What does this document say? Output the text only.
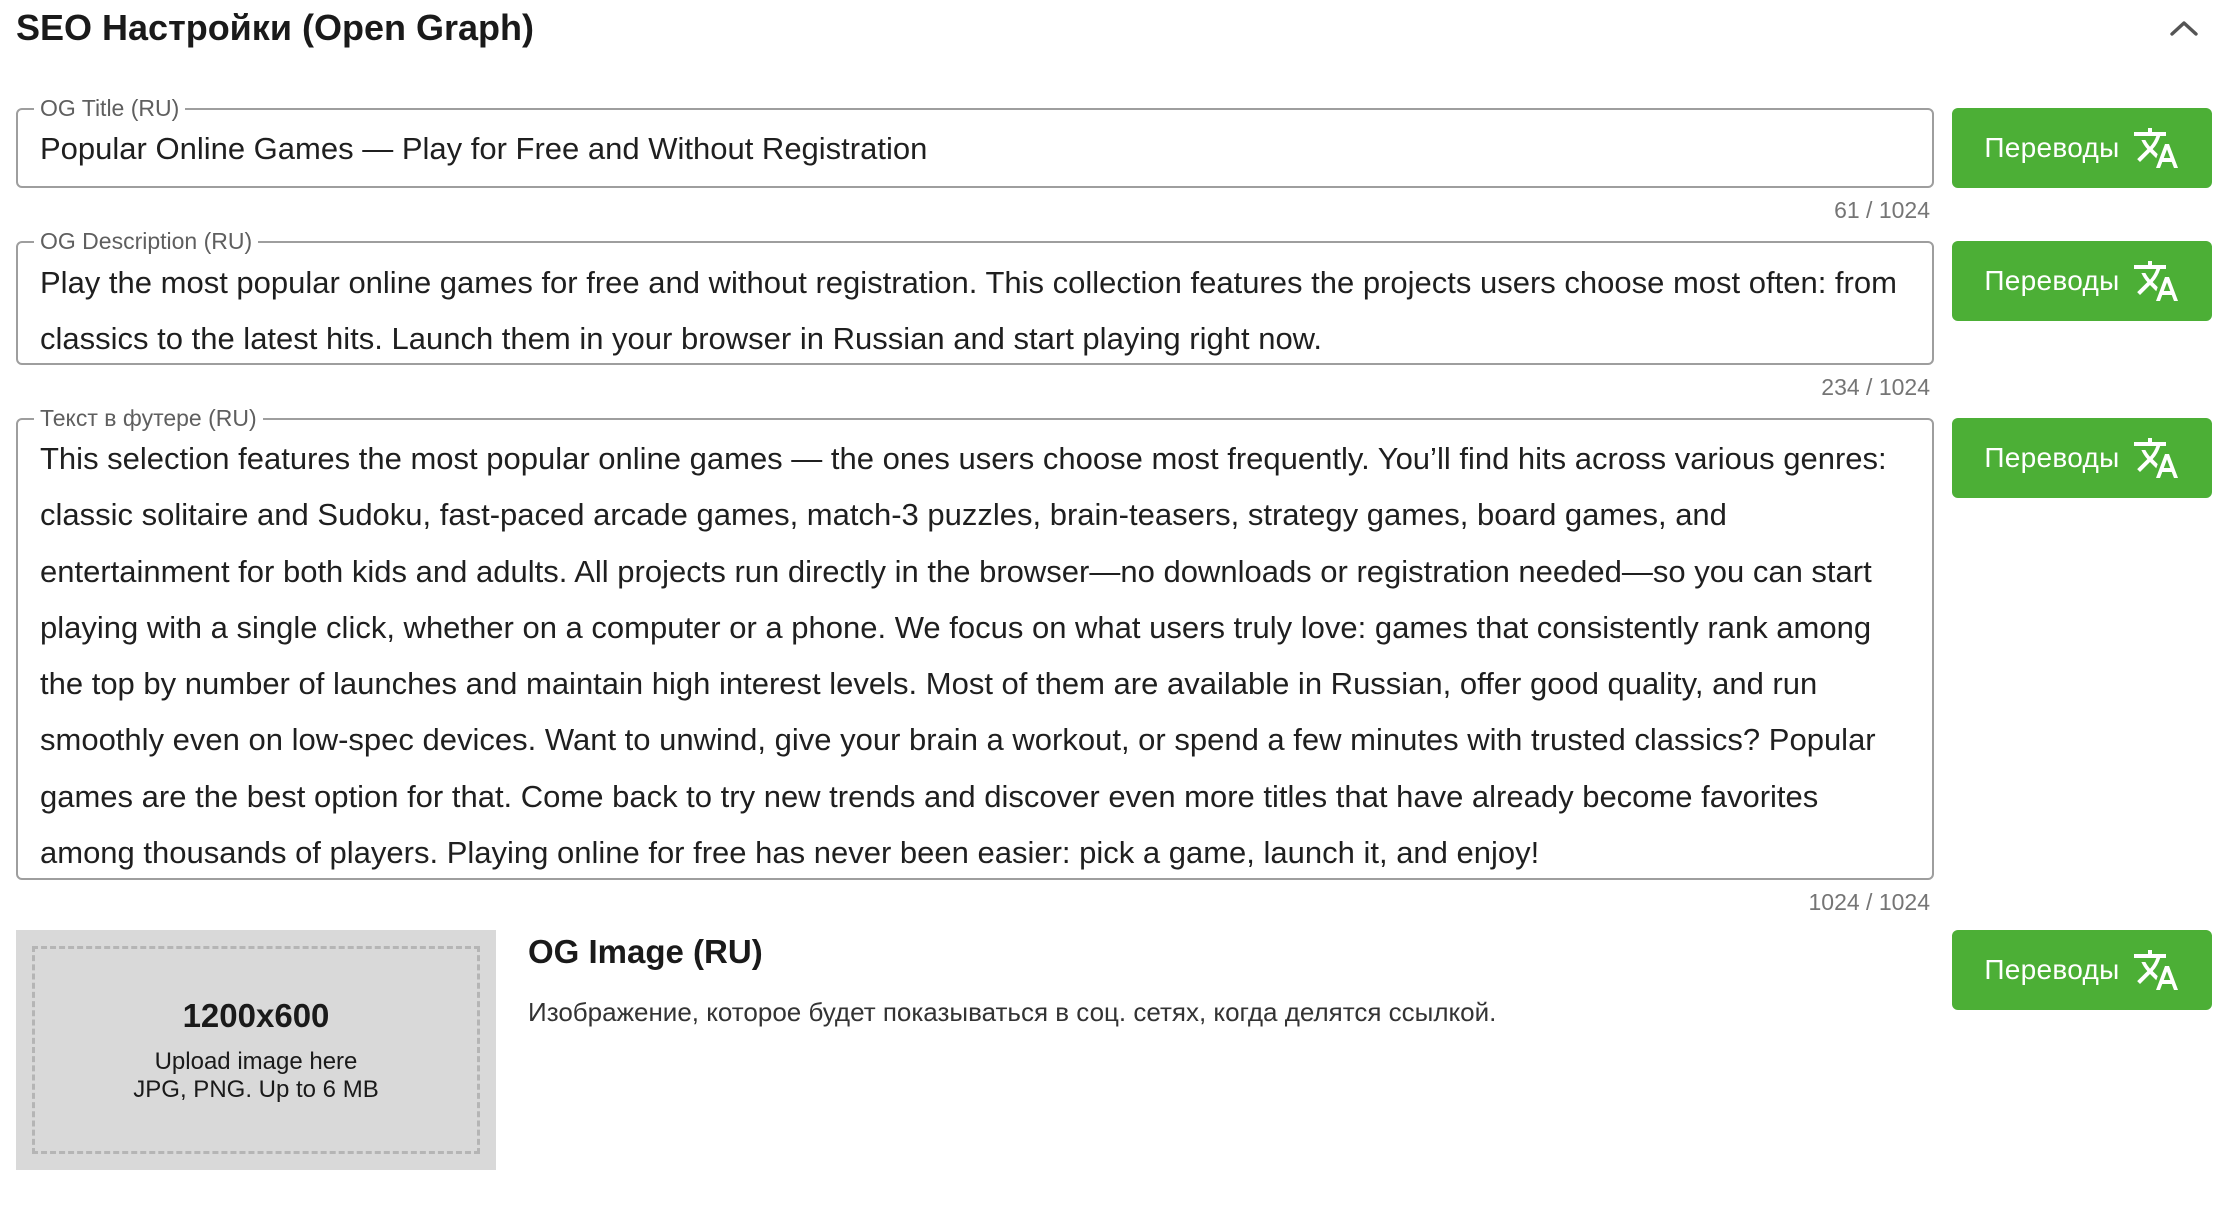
SEO Настройки (Open Graph)
OG Title (RU)
Popular Online Games — Play for Free and Without Registration
61 / 1024
Переводы
OG Description (RU)
Play the most popular online games for free and without registration. This collection features the projects users choose most often: from classics to the latest hits. Launch them in your browser in Russian and start playing right now.
234 / 1024
Переводы
Текст в футере (RU)
This selection features the most popular online games — the ones users choose most frequently. You’ll find hits across various genres: classic solitaire and Sudoku, fast-paced arcade games, match-3 puzzles, brain-teasers, strategy games, board games, and entertainment for both kids and adults. All projects run directly in the browser—no downloads or registration needed—so you can start playing with a single click, whether on a computer or a phone. We focus on what users truly love: games that consistently rank among the top by number of launches and maintain high interest levels. Most of them are available in Russian, offer good quality, and run smoothly even on low-spec devices. Want to unwind, give your brain a workout, or spend a few minutes with trusted classics? Popular games are the best option for that. Come back to try new trends and discover even more titles that have already become favorites among thousands of players. Playing online for free has never been easier: pick a game, launch it, and enjoy!
1024 / 1024
Переводы
1200x600
Upload image here
JPG, PNG. Up to 6 MB
OG Image (RU)
Изображение, которое будет показываться в соц. сетях, когда делятся ссылкой.
Переводы
